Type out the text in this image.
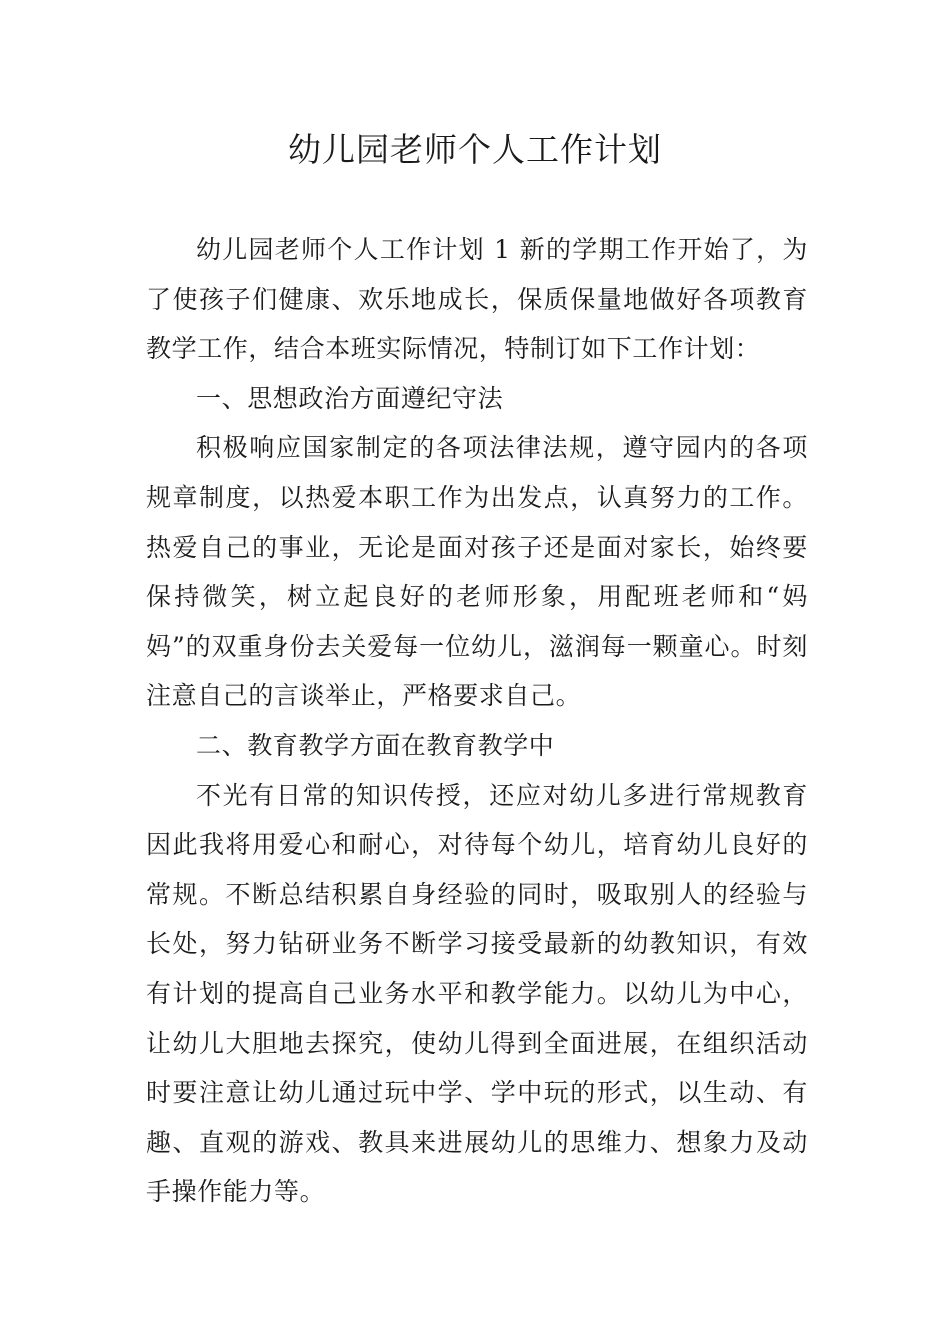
幼儿园老师个人工作计划

幼儿园老师个人工作计划 1 新的学期工作开始了，为了使孩子们健康、欢乐地成长，保质保量地做好各项教育教学工作，结合本班实际情况，特制订如下工作计划：

一、思想政治方面遵纪守法

积极响应国家制定的各项法律法规，遵守园内的各项规章制度，以热爱本职工作为出发点，认真努力的工作。热爱自己的事业，无论是面对孩子还是面对家长，始终要保持微笑，树立起良好的老师形象，用配班老师和“妈妈”的双重身份去关爱每一位幼儿，滋润每一颗童心。时刻注意自己的言谈举止，严格要求自己。

二、教育教学方面在教育教学中

不光有日常的知识传授，还应对幼儿多进行常规教育因此我将用爱心和耐心，对待每个幼儿，培育幼儿良好的常规。不断总结积累自身经验的同时，吸取别人的经验与长处，努力钻研业务不断学习接受最新的幼教知识，有效有计划的提高自己业务水平和教学能力。以幼儿为中心，让幼儿大胆地去探究，使幼儿得到全面进展，在组织活动时要注意让幼儿通过玩中学、学中玩的形式，以生动、有趣、直观的游戏、教具来进展幼儿的思维力、想象力及动手操作能力等。
